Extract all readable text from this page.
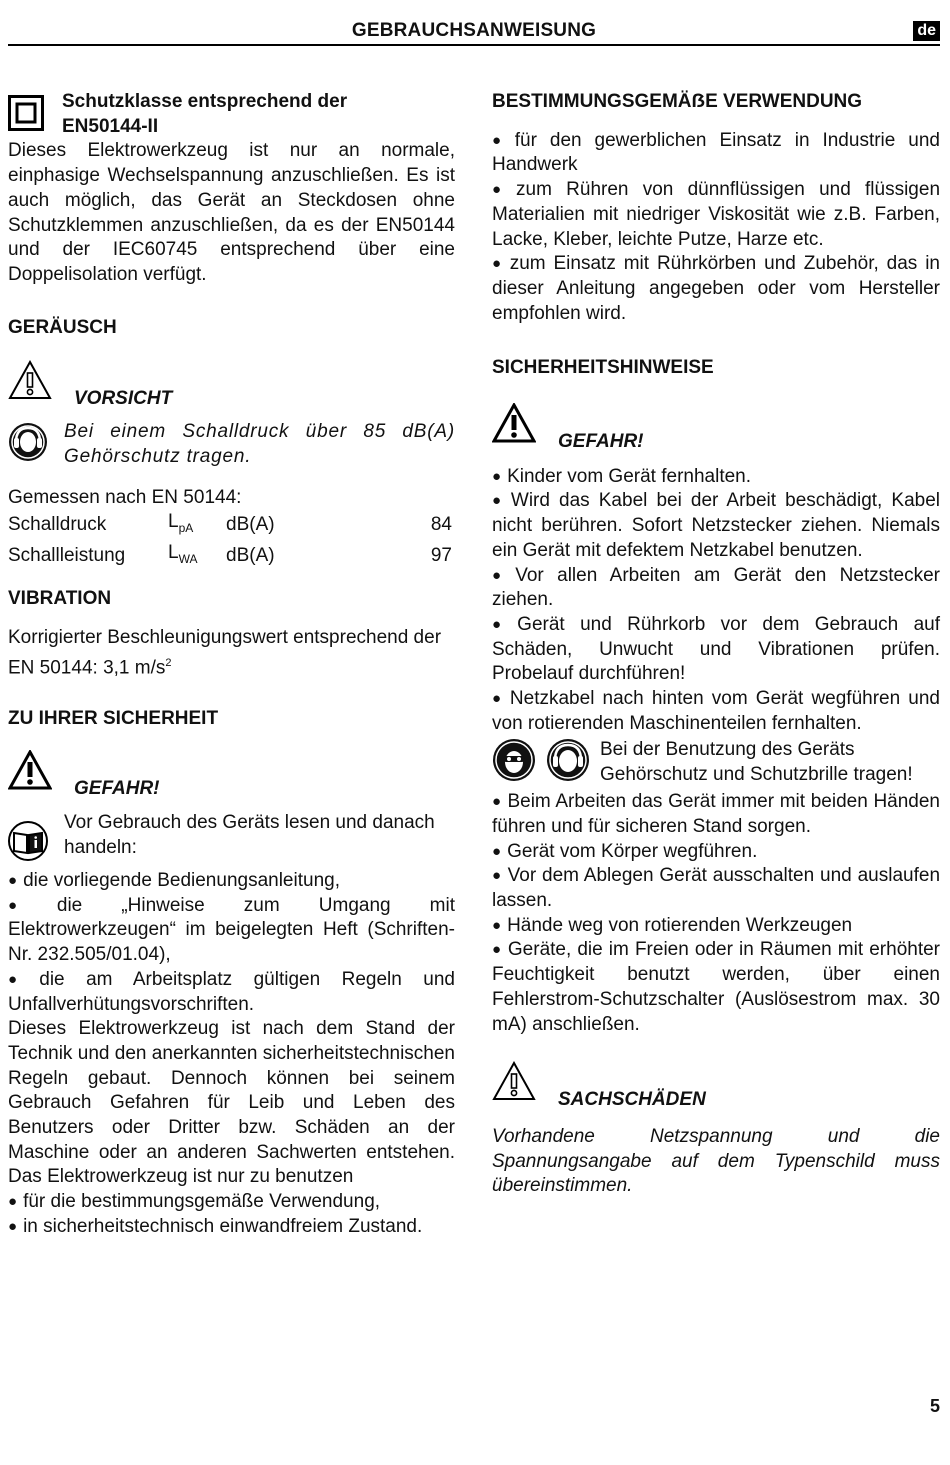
GEBRAUCHSANWEISUNG	de
Schutzklasse entsprechend der EN50144-II

Dieses Elektrowerkzeug ist nur an normale, einphasige Wechselspannung anzuschließen. Es ist auch möglich, das Gerät an Steckdosen ohne Schutzklemmen anzuschließen, da es der EN50144 und der IEC60745 entsprechend über eine Doppelisolation verfügt.

GERÄUSCH
VORSICHT

Bei einem Schalldruck über 85 dB(A) Gehörschutz tragen.

Gemessen nach EN 50144:

Schalldruck	$L_{pA}$	dB(A)	84
Schallleistung	$L_{WA}$	dB(A)	97
VIBRATION

Korrigierter Beschleunigungswert entsprechend der EN 50144: 3,1 $m/s^2$

ZU IHRER SICHERHEIT
GEFAHR!

Vor Gebrauch des Geräts lesen und danach handeln:

● die vorliegende Bedienungsanleitung,

● die „Hinweise zum Umgang mit Elektrowerkzeugen“ im beigelegten Heft (Schriften-Nr. 232.505/01.04),

● die am Arbeitsplatz gültigen Regeln und Unfallverhütungsvorschriften.

Dieses Elektrowerkzeug ist nach dem Stand der Technik und den anerkannten sicherheitstechnischen Regeln gebaut. Dennoch können bei seinem Gebrauch Gefahren für Leib und Leben des Benutzers oder Dritter bzw. Schäden an der Maschine oder an anderen Sachwerten entstehen. Das Elektrowerkzeug ist nur zu benutzen

● für die bestimmungsgemäße Verwendung,

● in sicherheitstechnisch einwandfreiem Zustand.

BESTIMMUNGSGEMÄẞE VERWENDUNG

● für den gewerblichen Einsatz in Industrie und Handwerk

● zum Rühren von dünnflüssigen und flüssigen Materialien mit niedriger Viskosität wie z.B. Farben, Lacke, Kleber, leichte Putze, Harze etc.

● zum Einsatz mit Rührkörben und Zubehör, das in dieser Anleitung angegeben oder vom Hersteller empfohlen wird.

SICHERHEITSHINWEISE
GEFAHR!

● Kinder vom Gerät fernhalten.

● Wird das Kabel bei der Arbeit beschädigt, Kabel nicht berühren. Sofort Netzstecker ziehen. Niemals ein Gerät mit defektem Netzkabel benutzen.

● Vor allen Arbeiten am Gerät den Netzstecker ziehen.

● Gerät und Rührkorb vor dem Gebrauch auf Schäden, Unwucht und Vibrationen prüfen. Probelauf durchführen!

● Netzkabel nach hinten vom Gerät wegführen und von rotierenden Maschinenteilen fernhalten.

Bei der Benutzung des Geräts Gehörschutz und Schutzbrille tragen!

● Beim Arbeiten das Gerät immer mit beiden Händen führen und für sicheren Stand sorgen.

● Gerät vom Körper wegführen.

● Vor dem Ablegen Gerät ausschalten und auslaufen lassen.

● Hände weg von rotierenden Werkzeugen

● Geräte, die im Freien oder in Räumen mit erhöhter Feuchtigkeit benutzt werden, über einen Fehlerstrom-Schutzschalter (Auslösestrom max. 30 mA) anschließen.

SACHSCHÄDEN

Vorhandene Netzspannung und die Spannungsangabe auf dem Typenschild muss übereinstimmen.

5
